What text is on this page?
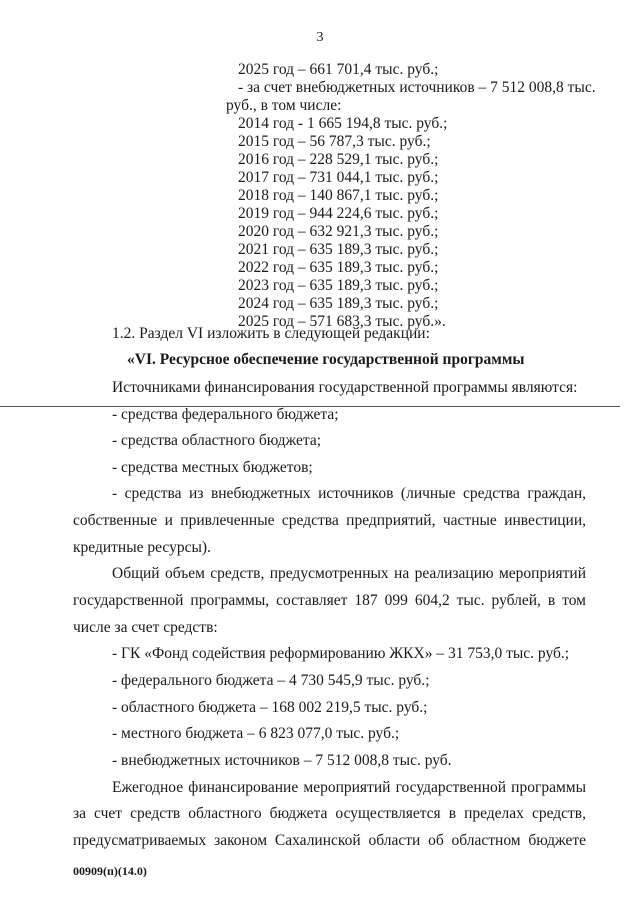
3
2025 год – 661 701,4 тыс. руб.;
- за счет внебюджетных источников – 7 512 008,8 тыс.
руб., в том числе:
2014 год - 1 665 194,8 тыс. руб.;
2015 год – 56 787,3 тыс. руб.;
2016 год – 228 529,1 тыс. руб.;
2017 год – 731 044,1 тыс. руб.;
2018 год – 140 867,1 тыс. руб.;
2019 год – 944 224,6 тыс. руб.;
2020 год – 632 921,3 тыс. руб.;
2021 год – 635 189,3 тыс. руб.;
2022 год – 635 189,3 тыс. руб.;
2023 год – 635 189,3 тыс. руб.;
2024 год – 635 189,3 тыс. руб.;
2025 год – 571 683,3 тыс. руб.».
1.2. Раздел VI изложить в следующей редакции:
«VI. Ресурсное обеспечение государственной программы
Источниками финансирования государственной программы являются:
- средства федерального бюджета;
- средства областного бюджета;
- средства местных бюджетов;
- средства из внебюджетных источников (личные средства граждан,
собственные и привлеченные средства предприятий, частные инвестиции,
кредитные ресурсы).
Общий объем средств, предусмотренных на реализацию мероприятий
государственной программы, составляет 187 099 604,2 тыс. рублей, в том
числе за счет средств:
- ГК «Фонд содействия реформированию ЖКХ» – 31 753,0 тыс. руб.;
- федерального бюджета – 4 730 545,9 тыс. руб.;
- областного бюджета – 168 002 219,5 тыс. руб.;
- местного бюджета – 6 823 077,0 тыс. руб.;
- внебюджетных источников – 7 512 008,8 тыс. руб.
Ежегодное финансирование мероприятий государственной программы
за счет средств областного бюджета осуществляется в пределах средств,
предусматриваемых законом Сахалинской области об областном бюджете
00909(п)(14.0)
